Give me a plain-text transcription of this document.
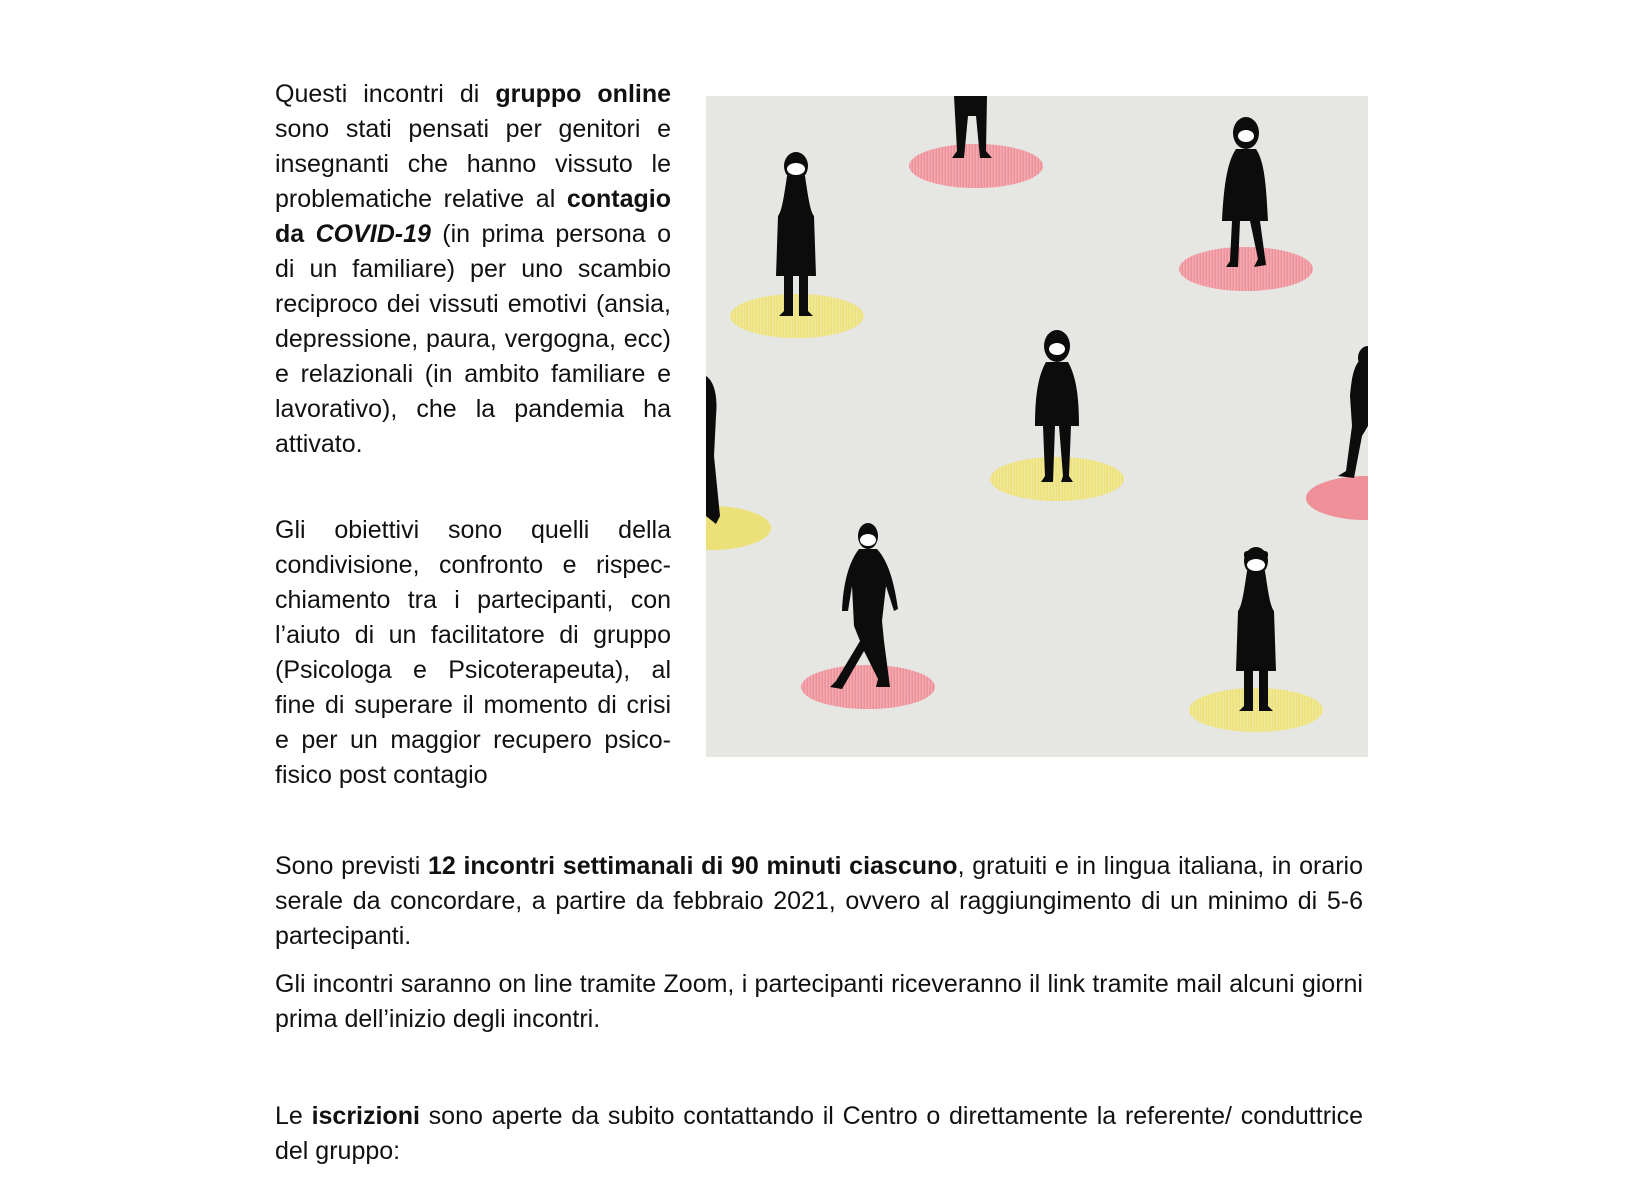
Questi incontri di gruppo online sono stati pensati per genitori e insegnanti che hanno vissuto le problematiche relative al contagio da COVID-19 (in prima persona o di un familiare) per uno scambio reciproco dei vissuti emotivi (ansia, depressione, paura, vergogna, ecc) e relazionali (in ambito familiare e lavorativo), che la pandemia ha attivato.

Gli obiettivi sono quelli della condivisione, confronto e rispecchiamento tra i partecipanti, con l’aiuto di un facilitatore di gruppo (Psicologa e Psicoterapeuta), al fine di superare il momento di crisi e per un maggior recupero psico-fisico post contagio

Sono previsti 12 incontri settimanali di 90 minuti ciascuno, gratuiti e in lingua italiana, in orario serale da concordare, a partire da febbraio 2021, ovvero al raggiungimento di un minimo di 5-6 partecipanti.

Gli incontri saranno on line tramite Zoom, i partecipanti riceveranno il link tramite mail alcuni giorni prima dell’inizio degli incontri.

Le iscrizioni sono aperte da subito contattando il Centro o direttamente la referente/ conduttrice del gruppo:
